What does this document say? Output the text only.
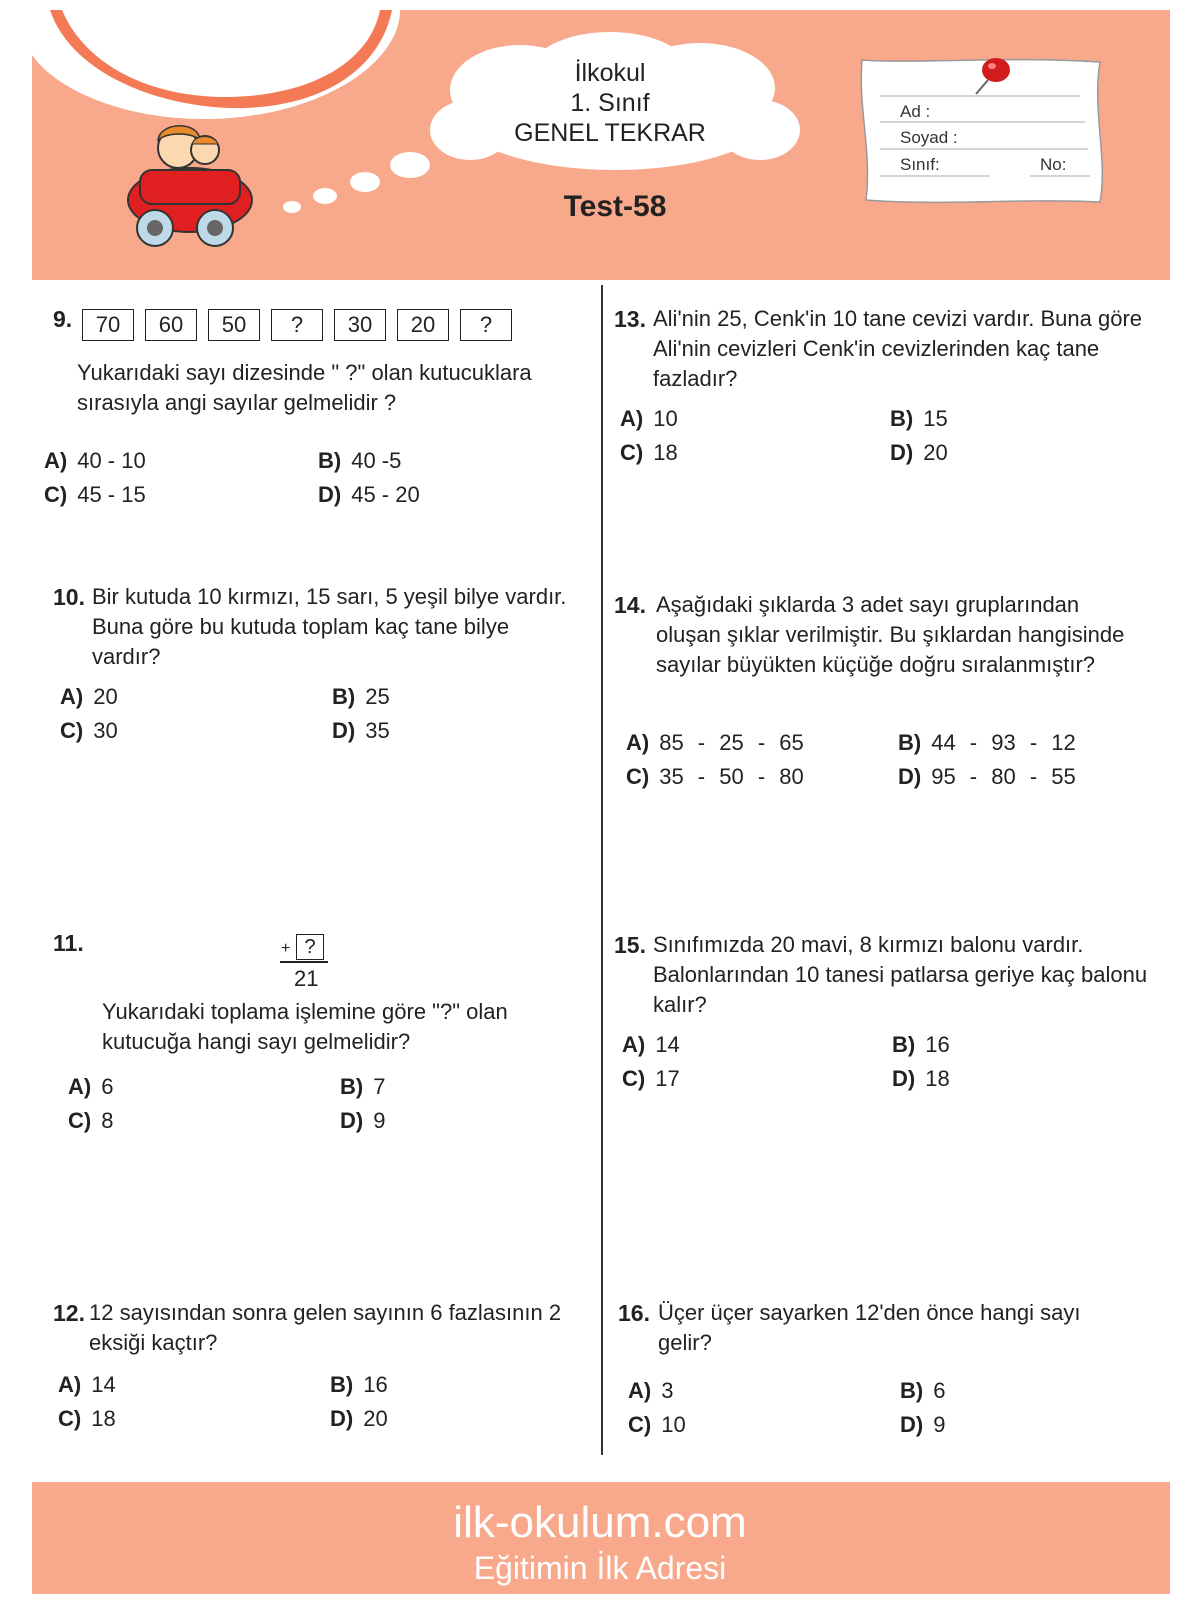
ilk-okulum.com
Eğitimin İlk Adresi	İlkokul
1. Sınıf
GENEL TEKRAR
Test-58
Ad :
Soyad :
Sınıf:	No:
9.	70	60	50	?	30	20	?
Yukarıdaki sayı dizesinde " ?" olan kutucuklara sırasıyla angi sayılar gelmelidir ?
A) 40 - 10	B) 40 -5
C) 45 - 15	D) 45 - 20
10. Bir kutuda 10 kırmızı, 15 sarı, 5 yeşil bilye vardır. Buna göre bu kutuda toplam kaç tane bilye vardır?
A) 20	B) 25
C) 30	D) 35
11.	+ ?
21
Yukarıdaki toplama işlemine göre "?" olan kutucuğa hangi sayı gelmelidir?
A) 6	B) 7
C) 8	D) 9
12. 12 sayısından sonra gelen sayının 6 fazlasının 2 eksiği kaçtır?
A) 14	B) 16
C) 18	D) 20
13. Ali'nin 25, Cenk'in 10 tane cevizi vardır. Buna göre Ali'nin cevizleri Cenk'in cevizlerinden kaç tane fazladır?
A) 10	B) 15
C) 18	D) 20
14. Aşağıdaki şıklarda 3 adet sayı gruplarından oluşan şıklar verilmiştir. Bu şıklardan hangisinde sayılar büyükten küçüğe doğru sıralanmıştır?
A) 85 - 25 - 65	B) 44 - 93 - 12
C) 35 - 50 - 80	D) 95 - 80 - 55
15. Sınıfımızda 20 mavi, 8 kırmızı balonu vardır. Balonlarından 10 tanesi patlarsa geriye kaç balonu kalır?
A) 14	B) 16
C) 17	D) 18
16. Üçer üçer sayarken 12'den önce hangi sayı gelir?
A) 3	B) 6
C) 10	D) 9
ilk-okulum.com
Eğitimin İlk Adresi
